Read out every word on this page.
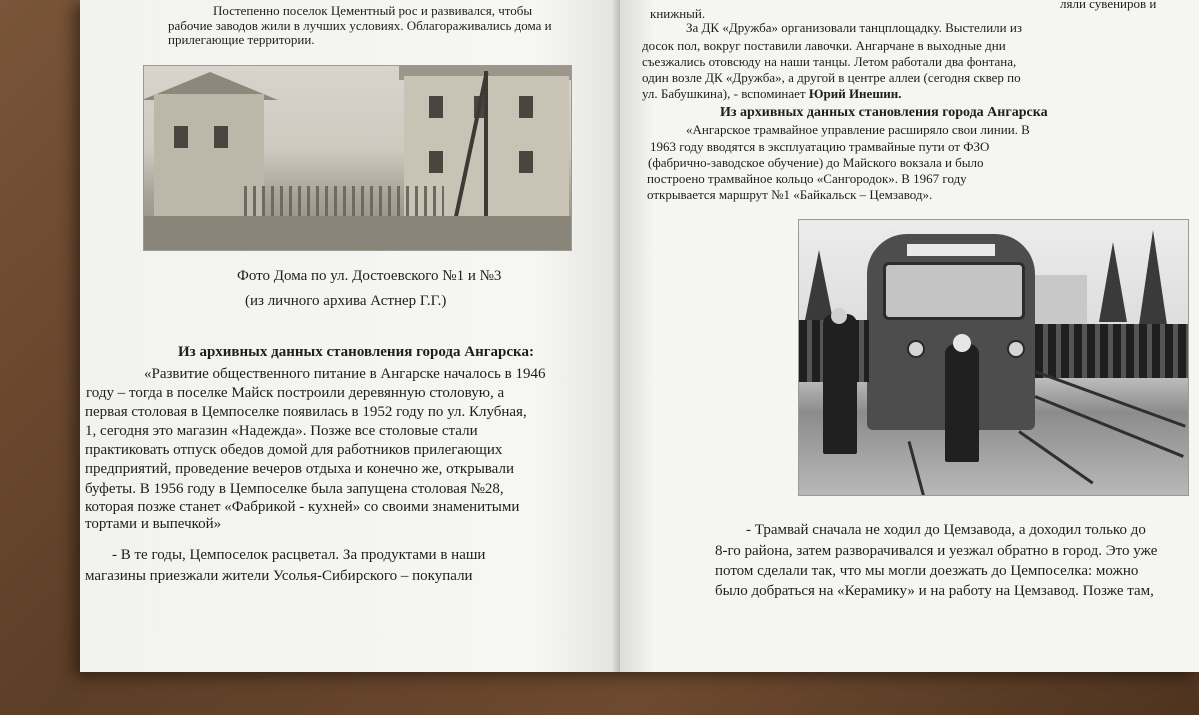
Постепенно поселок Цементный рос и развивался, чтобы
рабочие заводов жили в лучших условиях. Облагораживались дома и
прилегающие территории.
Фото Дома по ул. Достоевского №1 и №3
(из личного архива Астнер Г.Г.)
Из архивных данных становления города Ангарска:
«Развитие общественного питание в Ангарске началось в 1946
году – тогда в поселке Майск построили деревянную столовую, а
первая столовая в Цемпоселке появилась в 1952 году по ул. Клубная,
1, сегодня это магазин «Надежда». Позже все столовые стали
практиковать отпуск обедов домой для работников прилегающих
предприятий, проведение вечеров отдыха и конечно же, открывали
буфеты. В 1956 году в Цемпоселке была запущена столовая №28,
которая позже станет «Фабрикой - кухней» со своими знаменитыми
тортами и выпечкой»
- В те годы, Цемпоселок расцветал. За продуктами в наши
магазины приезжали жители Усолья-Сибирского – покупали
книжный.
ляли сувениров и
За ДК «Дружба» организовали танцплощадку. Выстелили из
досок пол, вокруг поставили лавочки. Ангарчане в выходные дни
съезжались отовсюду на наши танцы. Летом работали два фонтана,
один возле ДК «Дружба», а другой в центре аллеи (сегодня сквер по
ул. Бабушкина), - вспоминает Юрий Инешин.
Из архивных данных становления города Ангарска
«Ангарское трамвайное управление расширяло свои линии. В
1963 году вводятся в эксплуатацию трамвайные пути от ФЗО
(фабрично-заводское обучение) до Майского вокзала и было
построено трамвайное кольцо «Сангородок». В 1967 году
открывается маршрут №1 «Байкальск – Цемзавод».
- Трамвай сначала не ходил до Цемзавода, а доходил только до
8-го района, затем разворачивался и уезжал обратно в город. Это уже
потом сделали так, что мы могли доезжать до Цемпоселка: можно
было добраться на «Керамику» и на работу на Цемзавод. Позже там,
